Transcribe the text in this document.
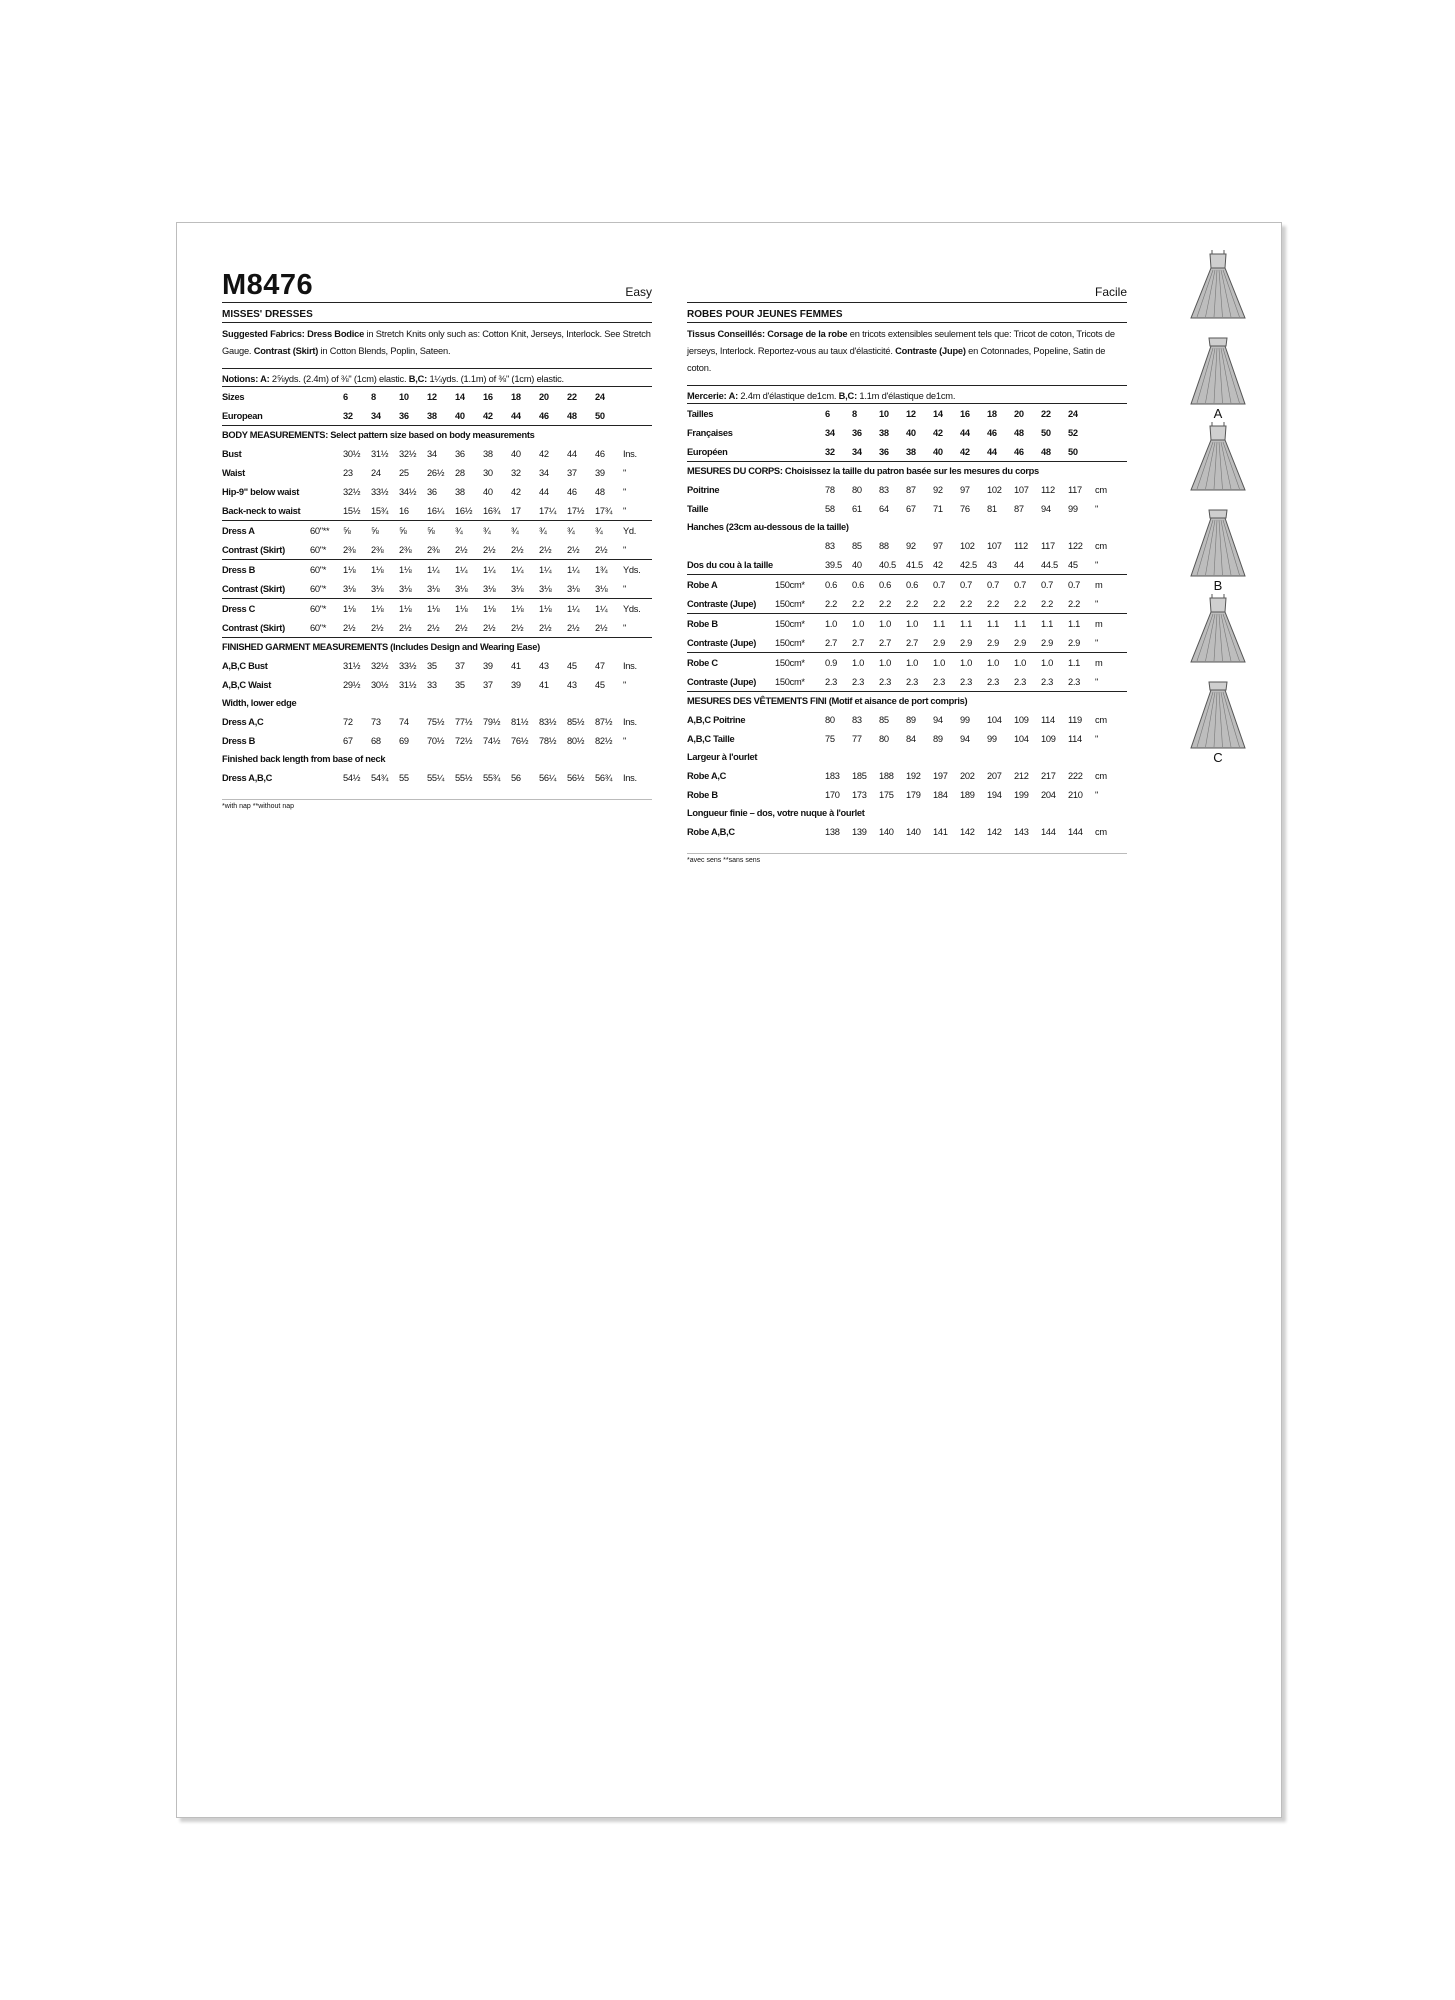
M8476	Easy
MISSES' DRESSES
Suggested Fabrics: Dress Bodice in Stretch Knits only such as: Cotton Knit, Jerseys, Interlock. See Stretch Gauge. Contrast (Skirt) in Cotton Blends, Poplin, Sateen.
Notions: A: 2⅝yds. (2.4m) of ⅜" (1cm) elastic. B,C: 1¼yds. (1.1m) of ⅜" (1cm) elastic.
Sizes		6	8	10	12	14	16	18	20	22	24	
European		32	34	36	38	40	42	44	46	48	50	
BODY MEASUREMENTS: Select pattern size based on body measurements												
Bust		30½	31½	32½	34	36	38	40	42	44	46	Ins.
Waist		23	24	25	26½	28	30	32	34	37	39	"
Hip-9" below waist		32½	33½	34½	36	38	40	42	44	46	48	"
Back-neck to waist		15½	15¾	16	16¼	16½	16¾	17	17¼	17½	17¾	"
Dress A	60"**	⅝	⅝	⅝	⅝	¾	¾	¾	¾	¾	¾	Yd.
Contrast (Skirt)	60"*	2⅜	2⅜	2⅜	2⅜	2½	2½	2½	2½	2½	2½	"
Dress B	60"*	1⅛	1⅛	1⅛	1¼	1¼	1¼	1¼	1¼	1¼	1¾	Yds.
Contrast (Skirt)	60"*	3⅛	3⅛	3⅛	3⅛	3⅛	3⅛	3⅛	3⅛	3⅛	3⅛	"
Dress C	60"*	1⅛	1⅛	1⅛	1⅛	1⅛	1⅛	1⅛	1⅛	1¼	1¼	Yds.
Contrast (Skirt)	60"*	2½	2½	2½	2½	2½	2½	2½	2½	2½	2½	"
FINISHED GARMENT MEASUREMENTS (Includes Design and Wearing Ease)												
A,B,C Bust		31½	32½	33½	35	37	39	41	43	45	47	Ins.
A,B,C Waist		29½	30½	31½	33	35	37	39	41	43	45	"
Width, lower edge												
Dress A,C		72	73	74	75½	77½	79½	81½	83½	85½	87½	Ins.
Dress B		67	68	69	70½	72½	74½	76½	78½	80½	82½	"
Finished back length from base of neck												
Dress A,B,C		54½	54¾	55	55¼	55½	55¾	56	56¼	56½	56¾	Ins.
*with nap **without nap
Facile
ROBES POUR JEUNES FEMMES
Tissus Conseillés: Corsage de la robe en tricots extensibles seulement tels que: Tricot de coton, Tricots de jerseys, Interlock. Reportez-vous au taux d'élasticité. Contraste (Jupe) en Cotonnades, Popeline, Satin de coton.
Mercerie: A: 2.4m d'élastique de1cm. B,C: 1.1m d'élastique de1cm.
Tailles		6	8	10	12	14	16	18	20	22	24	
Françaises		34	36	38	40	42	44	46	48	50	52	
Européen		32	34	36	38	40	42	44	46	48	50	
MESURES DU CORPS: Choisissez la taille du patron basée sur les mesures du corps												
Poitrine		78	80	83	87	92	97	102	107	112	117	cm
Taille		58	61	64	67	71	76	81	87	94	99	"
Hanches (23cm au-dessous de la taille)												
		83	85	88	92	97	102	107	112	117	122	cm
Dos du cou à la taille		39.5	40	40.5	41.5	42	42.5	43	44	44.5	45	"
Robe A	150cm*	0.6	0.6	0.6	0.6	0.7	0.7	0.7	0.7	0.7	0.7	m
Contraste (Jupe)	150cm*	2.2	2.2	2.2	2.2	2.2	2.2	2.2	2.2	2.2	2.2	"
Robe B	150cm*	1.0	1.0	1.0	1.0	1.1	1.1	1.1	1.1	1.1	1.1	m
Contraste (Jupe)	150cm*	2.7	2.7	2.7	2.7	2.9	2.9	2.9	2.9	2.9	2.9	"
Robe C	150cm*	0.9	1.0	1.0	1.0	1.0	1.0	1.0	1.0	1.0	1.1	m
Contraste (Jupe)	150cm*	2.3	2.3	2.3	2.3	2.3	2.3	2.3	2.3	2.3	2.3	"
MESURES DES VÊTEMENTS FINI (Motif et aisance de port compris)												
A,B,C Poitrine		80	83	85	89	94	99	104	109	114	119	cm
A,B,C Taille		75	77	80	84	89	94	99	104	109	114	"
Largeur à l'ourlet												
Robe A,C		183	185	188	192	197	202	207	212	217	222	cm
Robe B		170	173	175	179	184	189	194	199	204	210	"
Longueur finie – dos, votre nuque à l'ourlet												
Robe A,B,C		138	139	140	140	141	142	142	143	144	144	cm
*avec sens **sans sens
A
B
C
